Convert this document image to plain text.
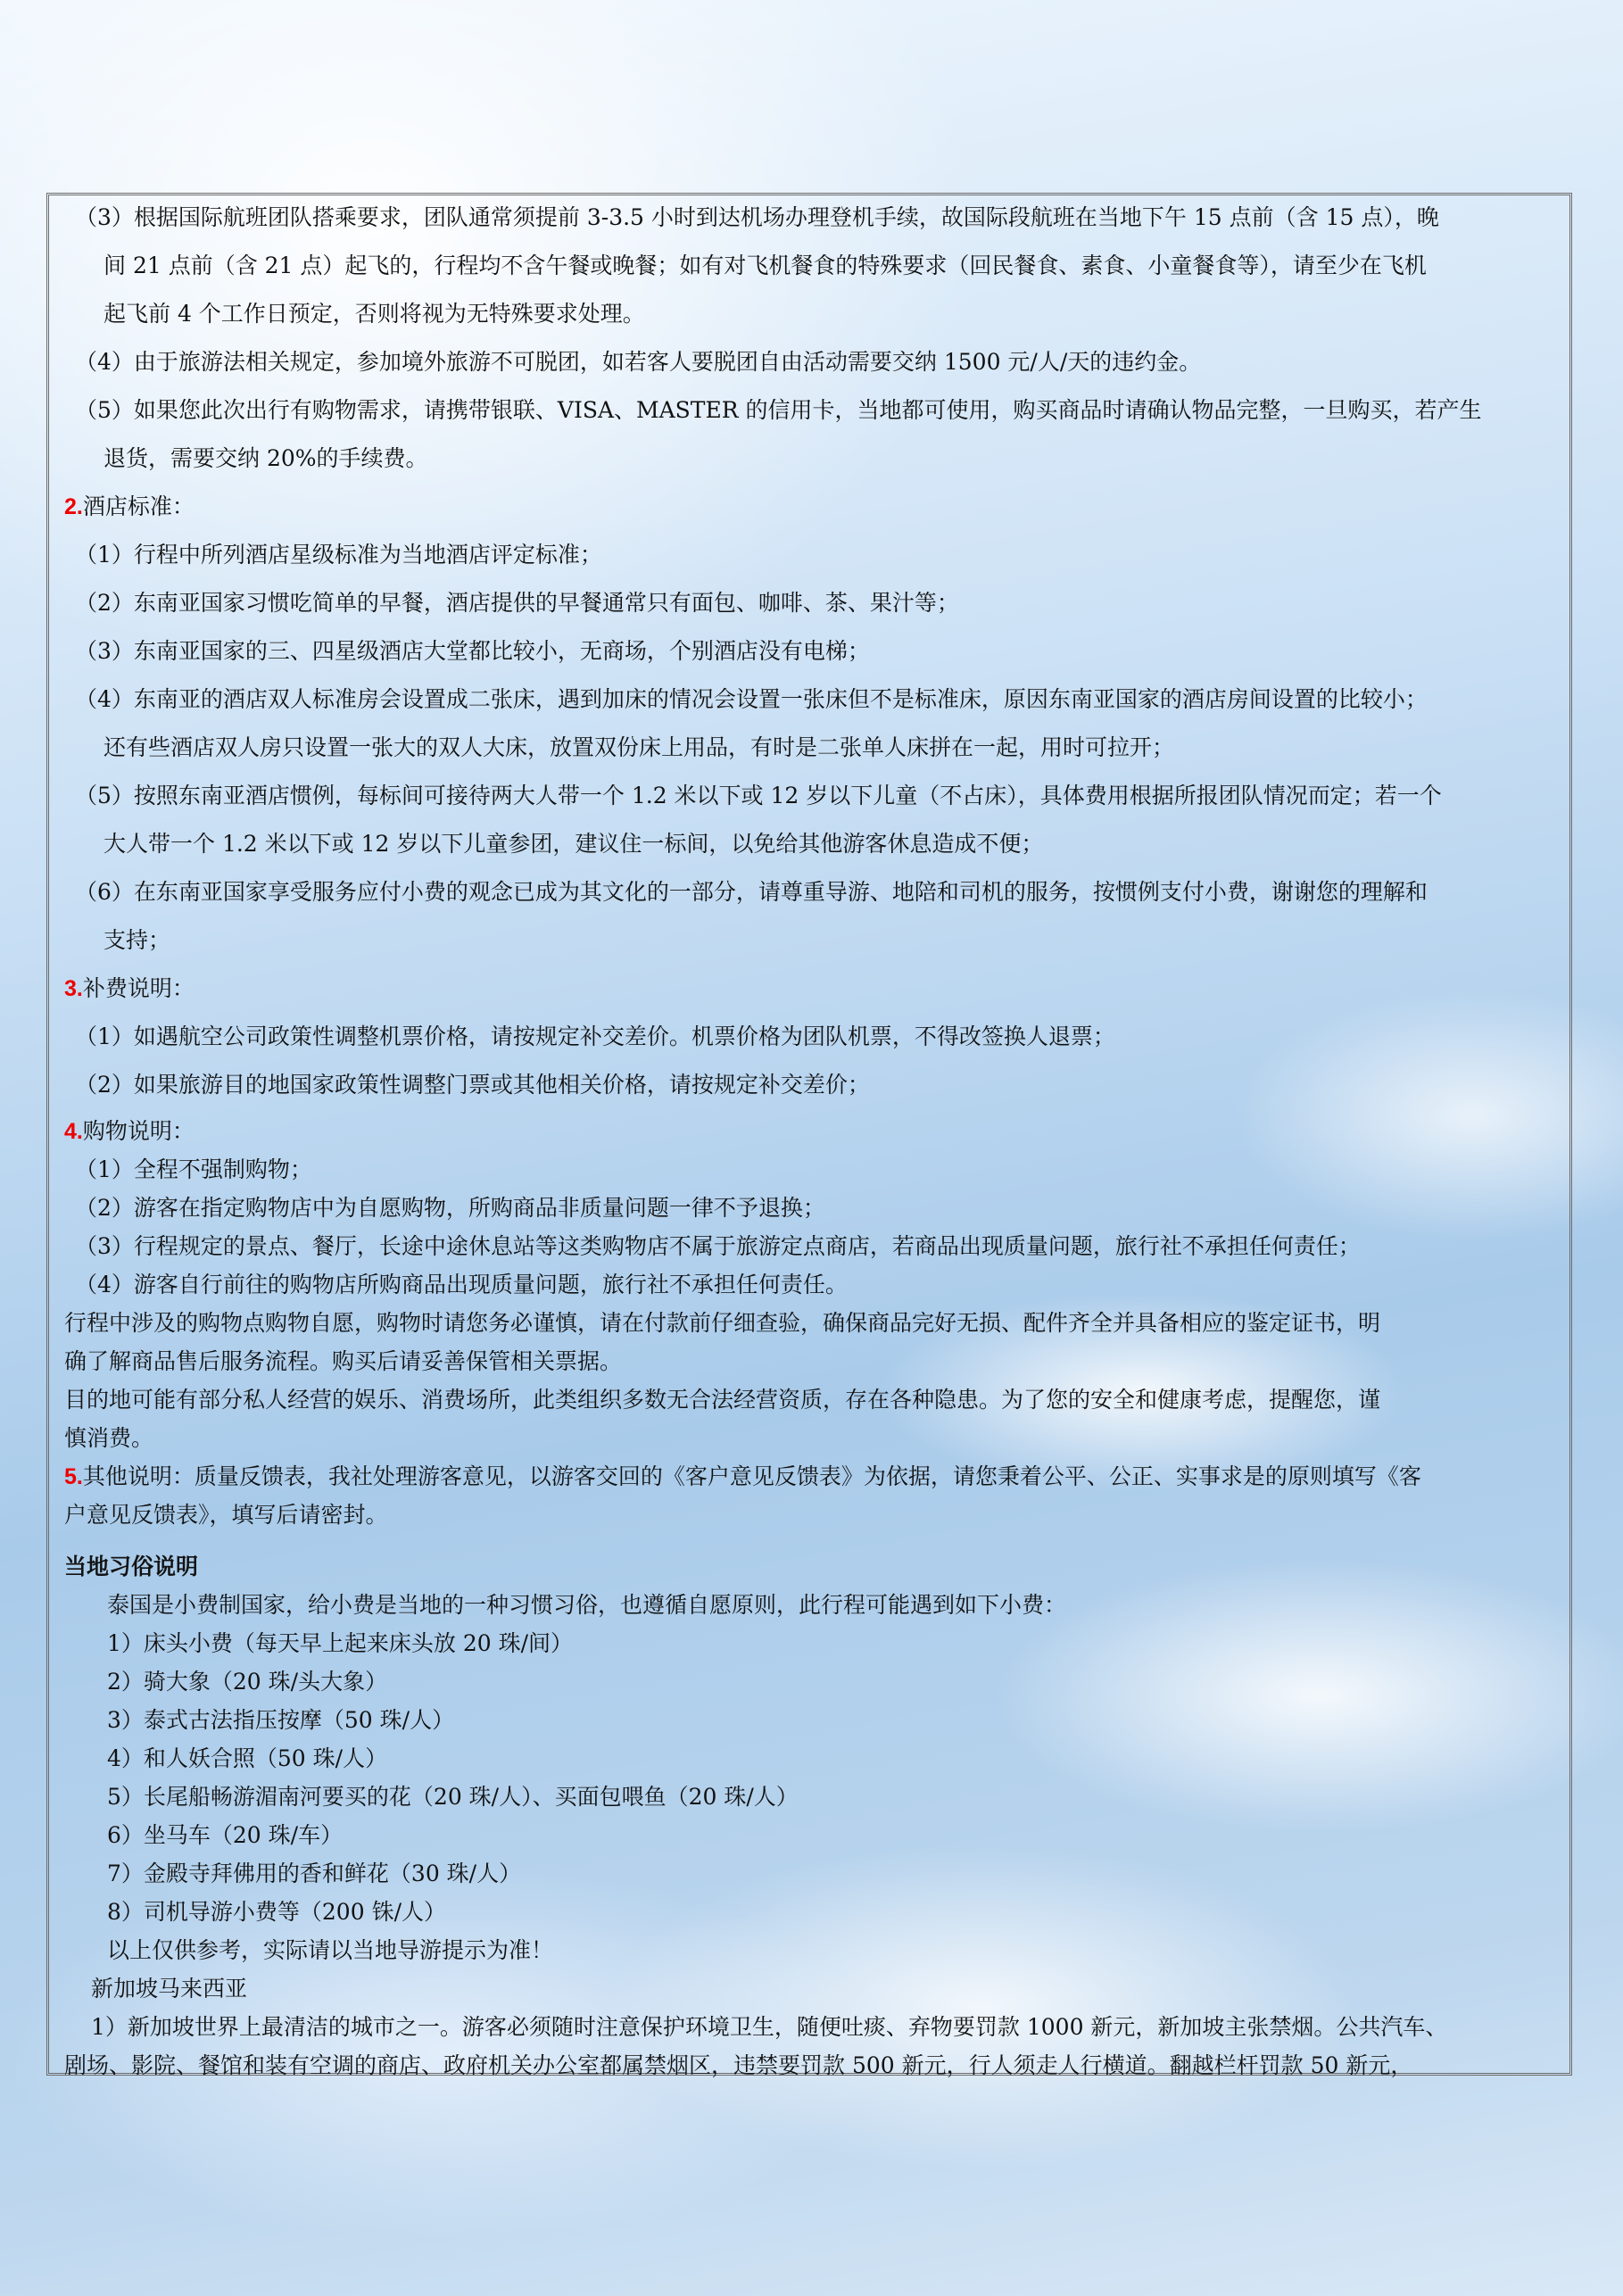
（3）根据国际航班团队搭乘要求，团队通常须提前 3-3.5 小时到达机场办理登机手续，故国际段航班在当地下午 15 点前（含 15 点），晚
间 21 点前（含 21 点）起飞的，行程均不含午餐或晚餐；如有对飞机餐食的特殊要求（回民餐食、素食、小童餐食等），请至少在飞机
起飞前 4 个工作日预定，否则将视为无特殊要求处理。
（4）由于旅游法相关规定，参加境外旅游不可脱团，如若客人要脱团自由活动需要交纳 1500 元/人/天的违约金。
（5）如果您此次出行有购物需求，请携带银联、VISA、MASTER 的信用卡，当地都可使用，购买商品时请确认物品完整，一旦购买，若产生
退货，需要交纳 20%的手续费。
2.酒店标准：
（1）行程中所列酒店星级标准为当地酒店评定标准；
（2）东南亚国家习惯吃简单的早餐，酒店提供的早餐通常只有面包、咖啡、茶、果汁等；
（3）东南亚国家的三、四星级酒店大堂都比较小，无商场，个别酒店没有电梯；
（4）东南亚的酒店双人标准房会设置成二张床，遇到加床的情况会设置一张床但不是标准床，原因东南亚国家的酒店房间设置的比较小；
还有些酒店双人房只设置一张大的双人大床，放置双份床上用品，有时是二张单人床拼在一起，用时可拉开；
（5）按照东南亚酒店惯例，每标间可接待两大人带一个 1.2 米以下或 12 岁以下儿童（不占床），具体费用根据所报团队情况而定；若一个
大人带一个 1.2 米以下或 12 岁以下儿童参团，建议住一标间，以免给其他游客休息造成不便；
（6）在东南亚国家享受服务应付小费的观念已成为其文化的一部分，请尊重导游、地陪和司机的服务，按惯例支付小费，谢谢您的理解和
支持；
3.补费说明：
（1）如遇航空公司政策性调整机票价格，请按规定补交差价。机票价格为团队机票，不得改签换人退票；
（2）如果旅游目的地国家政策性调整门票或其他相关价格，请按规定补交差价；
4.购物说明：
（1）全程不强制购物；
（2）游客在指定购物店中为自愿购物，所购商品非质量问题一律不予退换；
（3）行程规定的景点、餐厅，长途中途休息站等这类购物店不属于旅游定点商店，若商品出现质量问题，旅行社不承担任何责任；
（4）游客自行前往的购物店所购商品出现质量问题，旅行社不承担任何责任。
行程中涉及的购物点购物自愿，购物时请您务必谨慎，请在付款前仔细查验，确保商品完好无损、配件齐全并具备相应的鉴定证书，明
确了解商品售后服务流程。购买后请妥善保管相关票据。
目的地可能有部分私人经营的娱乐、消费场所，此类组织多数无合法经营资质，存在各种隐患。为了您的安全和健康考虑，提醒您，谨
慎消费。
5.其他说明：质量反馈表，我社处理游客意见，以游客交回的《客户意见反馈表》为依据，请您秉着公平、公正、实事求是的原则填写《客
户意见反馈表》，填写后请密封。
当地习俗说明
泰国是小费制国家，给小费是当地的一种习惯习俗，也遵循自愿原则，此行程可能遇到如下小费：
1）床头小费（每天早上起来床头放 20 珠/间）
2）骑大象（20 珠/头大象）
3）泰式古法指压按摩（50 珠/人）
4）和人妖合照（50 珠/人）
5）长尾船畅游湄南河要买的花（20 珠/人）、买面包喂鱼（20 珠/人）
6）坐马车（20 珠/车）
7）金殿寺拜佛用的香和鲜花（30 珠/人）
8）司机导游小费等（200 铢/人）
以上仅供参考，实际请以当地导游提示为准！
新加坡马来西亚
1）新加坡世界上最清洁的城市之一。游客必须随时注意保护环境卫生，随便吐痰、弃物要罚款 1000 新元，新加坡主张禁烟。公共汽车、
剧场、影院、餐馆和装有空调的商店、政府机关办公室都属禁烟区，违禁要罚款 500 新元，行人须走人行横道。翻越栏杆罚款 50 新元，
